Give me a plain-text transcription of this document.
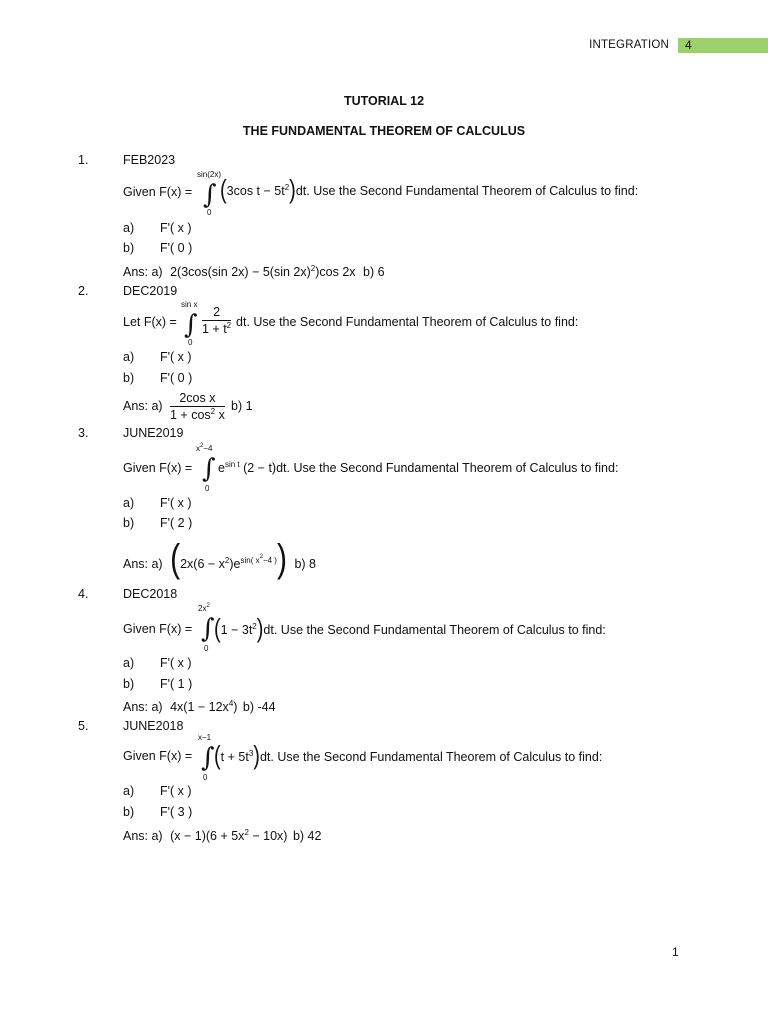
INTEGRATION 4
TUTORIAL 12
THE FUNDAMENTAL THEOREM OF CALCULUS
1.	FEB2023
Given F(x) =
sin(2x)
∫
0
(3cos $t - 5t^2)dt$. Use the Second Fundamental Theorem of Calculus to find:
a) F'( x )
b) F'( 0 )
Ans: a) 2(3cos(sin 2x) − 5(sin 2x)$^2$)cos 2x b) 6
2.	DEC2019
Let F(x) =
sin x
∫
0
$\frac{2}{1 + t^2}$ dt. Use the Second Fundamental Theorem of Calculus to find:
a) F'( x )
b) F'( 0 )
Ans: $a) \frac{\text{2cos x}}{1 + \cos^2 x} b$) 1
3.	JUNE2019
Given F(x) =
$x^2-4$
∫
0
$e^{sin t}$ (2 − t)dt. Use the Second Fundamental Theorem of Calculus to find:
a) F'( x )
b) F'( 2 )
Ans: a) $(2x(6 - x^2)e^{sin( x^2-4 )})$ b) 8
4.	DEC2018
Given F(x) =
$2x^2$
∫
0
$(1 - 3t^2)dt$. Use the Second Fundamental Theorem of Calculus to find:
a) F'( x )
b) F'( 1 )
Ans: a) $4x(1 - 12x^4)$ b) -44
5.	JUNE2018
Given F(x) =
x−1
∫
0
$(t + 5t^3)dt$. Use the Second Fundamental Theorem of Calculus to find:
a) F'( x )
b) F'( 3 )
Ans: a) $(x - 1)(6 + 5x^2 - 10x)$ b) 42
1
